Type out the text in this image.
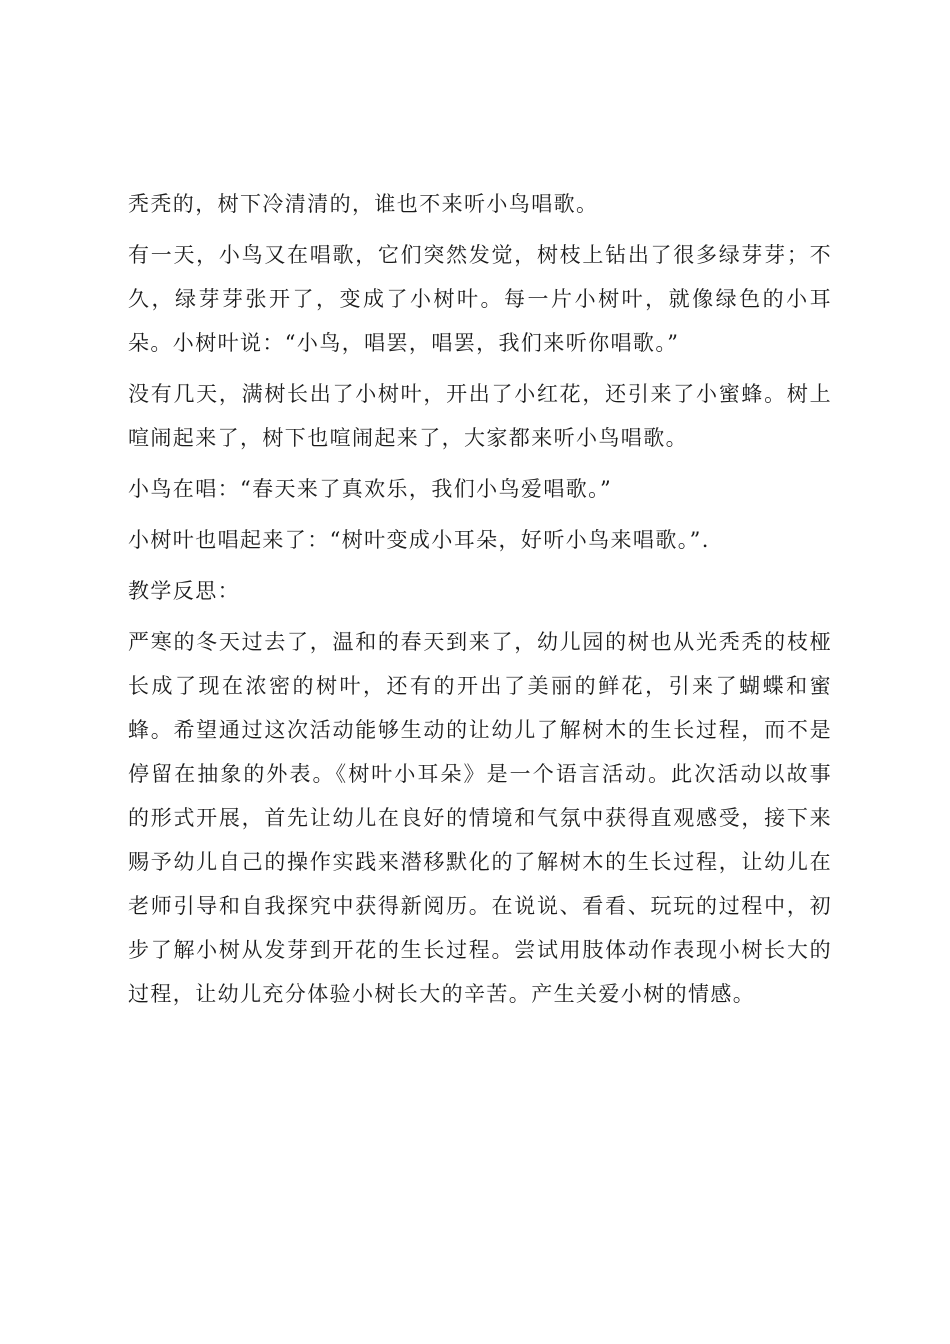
秃秃的，树下冷清清的，谁也不来听小鸟唱歌。

有一天，小鸟又在唱歌，它们突然发觉，树枝上钻出了很多绿芽芽；不久，绿芽芽张开了，变成了小树叶。每一片小树叶，就像绿色的小耳朵。小树叶说：“小鸟，唱罢，唱罢，我们来听你唱歌。”

没有几天，满树长出了小树叶，开出了小红花，还引来了小蜜蜂。树上喧闹起来了，树下也喧闹起来了，大家都来听小鸟唱歌。

小鸟在唱：“春天来了真欢乐，我们小鸟爱唱歌。”

小树叶也唱起来了：“树叶变成小耳朵，好听小鸟来唱歌。”.

教学反思：

严寒的冬天过去了，温和的春天到来了，幼儿园的树也从光秃秃的枝桠长成了现在浓密的树叶，还有的开出了美丽的鲜花，引来了蝴蝶和蜜蜂。希望通过这次活动能够生动的让幼儿了解树木的生长过程，而不是停留在抽象的外表。《树叶小耳朵》是一个语言活动。此次活动以故事的形式开展，首先让幼儿在良好的情境和气氛中获得直观感受，接下来赐予幼儿自己的操作实践来潜移默化的了解树木的生长过程，让幼儿在老师引导和自我探究中获得新阅历。在说说、看看、玩玩的过程中，初步了解小树从发芽到开花的生长过程。尝试用肢体动作表现小树长大的过程，让幼儿充分体验小树长大的辛苦。产生关爱小树的情感。
